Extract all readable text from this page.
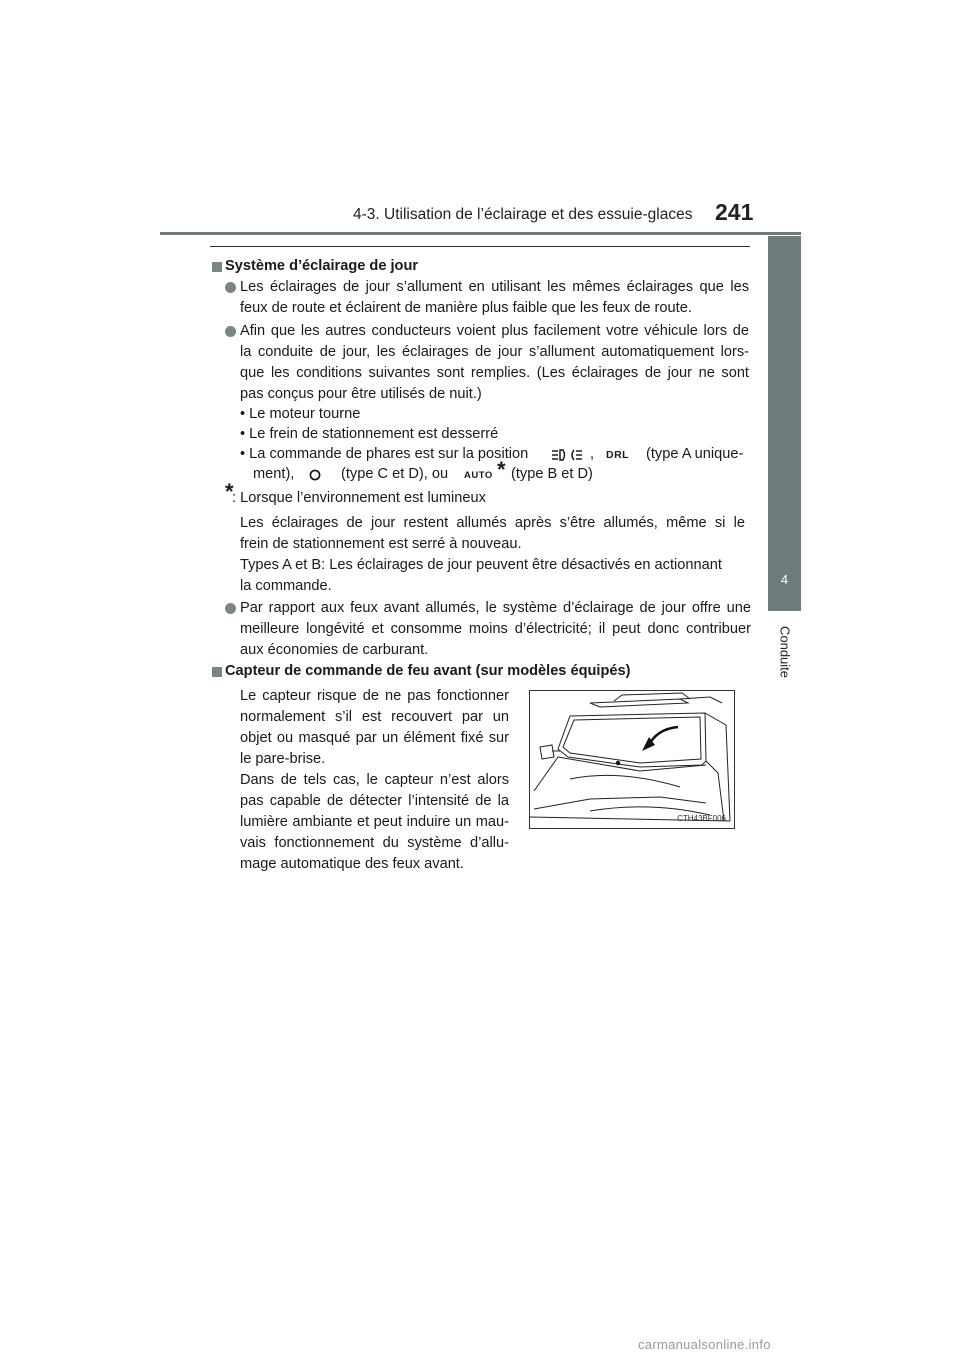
4-3. Utilisation de l’éclairage et des essuie-glaces 241
4
Conduite
Système d’éclairage de jour
Les éclairages de jour s’allument en utilisant les mêmes éclairages que les
feux de route et éclairent de manière plus faible que les feux de route.
Afin que les autres conducteurs voient plus facilement votre véhicule lors de
la conduite de jour, les éclairages de jour s’allument automatiquement lors-
que les conditions suivantes sont remplies. (Les éclairages de jour ne sont
pas conçus pour être utilisés de nuit.)
• Le moteur tourne
• Le frein de stationnement est desserré
• La commande de phares est sur la position	, DRL (type A unique-
ment),	(type C et D), ou AUTO * (type B et D)
*
: Lorsque l’environnement est lumineux
Les éclairages de jour restent allumés après s’être allumés, même si le
frein de stationnement est serré à nouveau.
Types A et B: Les éclairages de jour peuvent être désactivés en actionnant
la commande.
Par rapport aux feux avant allumés, le système d’éclairage de jour offre une
meilleure longévité et consomme moins d’électricité; il peut donc contribuer
aux économies de carburant.
Capteur de commande de feu avant (sur modèles équipés)
Le capteur risque de ne pas fonctionner
normalement s’il est recouvert par un
objet ou masqué par un élément fixé sur
le pare-brise.
Dans de tels cas, le capteur n’est alors
pas capable de détecter l’intensité de la
lumière ambiante et peut induire un mau-
vais fonctionnement du système d’allu-
mage automatique des feux avant.
CTH43BF006
carmanualsonline.info
